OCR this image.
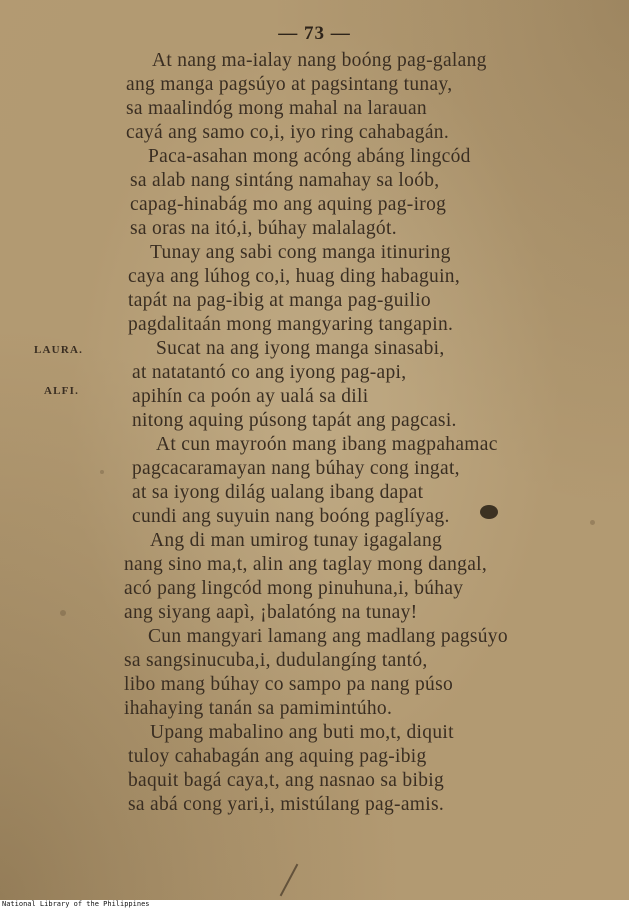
— 73 —
LAURA.
ALFI.
At nang ma-ialay nang boóng pag-galang
ang manga pagsúyo at pagsintang tunay,
sa maalindóg mong mahal na larauan
cayá ang samo co,i, iyo ring cahabagán.
Paca-asahan mong acóng abáng lingcód
sa alab nang sintáng namahay sa loób,
capag-hinabág mo ang aquing pag-irog
sa oras na itó,i, búhay malalagót.
Tunay ang sabi cong manga itinuring
caya ang lúhog co,i, huag ding habaguin,
tapát na pag-ibig at manga pag-guilio
pagdalitaán mong mangyaring tangapin.
Sucat na ang iyong manga sinasabi,
at natatantó co ang iyong pag-api,
apihín ca poón ay ualá sa dili
nitong aquing púsong tapát ang pagcasi.
At cun mayroón mang ibang magpahamac
pagcacaramayan nang búhay cong ingat,
at sa iyong dilág ualang ibang dapat
cundi ang suyuin nang boóng paglíyag.
Ang di man umirog tunay igagalang
nang sino ma,t, alin ang taglay mong dangal,
acó pang lingcód mong pinuhuna,i, búhay
ang siyang aapì, ¡balatóng na tunay!
Cun mangyari lamang ang madlang pagsúyo
sa sangsinucuba,i, dudulangíng tantó,
libo mang búhay co sampo pa nang púso
ihahaying tanán sa pamimintúho.
Upang mabalino ang buti mo,t, diquit
tuloy cahabagán ang aquing pag-ibig
baquit bagá caya,t, ang nasnao sa bibig
sa abá cong yari,i, mistúlang pag-amis.
National Library of the Philippines
